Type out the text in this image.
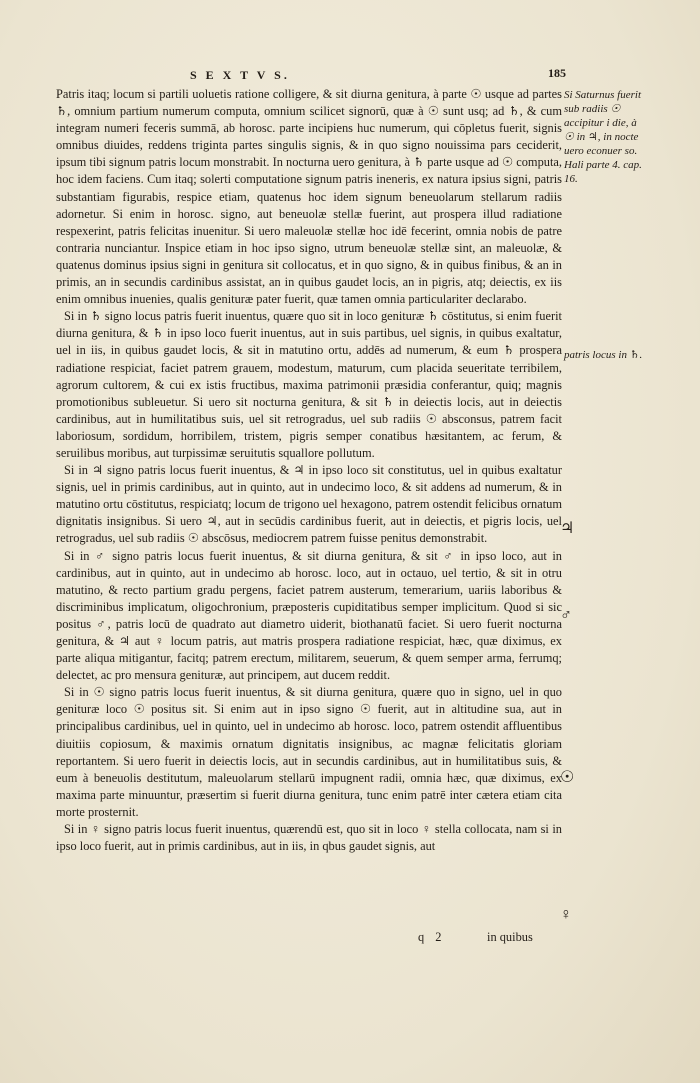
S E X T V S.	185

Patris itaq; locum si partili uoluetis ratione colligere, & sit diurna genitura, à parte ☉ usque ad partes ♄, omnium partium numerum computa, omnium scilicet signorū, quæ à ☉ sunt usq; ad ♄, & cum integram numeri feceris summā, ab horosc. parte incipiens huc numerum, qui cōpletus fuerit, signis omnibus diuides, reddens triginta partes singulis signis, & in quo signo nouissima pars ceciderit, ipsum tibi signum patris locum monstrabit. In nocturna uero genitura, à ♄ parte usque ad ☉ computa, hoc idem faciens. Cum itaq; solerti computatione signum patris ineneris, ex natura ipsius signi, patris substantiam figurabis, respice etiam, quatenus hoc idem signum beneuolarum stellarum radiis adornetur. Si enim in horosc. signo, aut beneuolæ stellæ fuerint, aut prospera illud radiatione respexerint, patris felicitas inuenitur. Si uero maleuolæ stellæ hoc idē fecerint, omnia nobis de patre contraria nunciantur. Inspice etiam in hoc ipso signo, utrum beneuolæ stellæ sint, an maleuolæ, & quatenus dominus ipsius signi in genitura sit collocatus, et in quo signo, & in quibus finibus, & an in primis, an in secundis cardinibus assistat, an in quibus gaudet locis, an in pigris, atq; deiectis, ex iis enim omnibus inuenies, qualis genituræ pater fuerit, quæ tamen omnia particulariter declarabo.

Si in ♄ signo locus patris fuerit inuentus, quære quo sit in loco genituræ ♄ cōstitutus, si enim fuerit diurna genitura, & ♄ in ipso loco fuerit inuentus, aut in suis partibus, uel signis, in quibus exaltatur, uel in iis, in quibus gaudet locis, & sit in matutino ortu, addēs ad numerum, & eum ♄ prospera radiatione respiciat, faciet patrem grauem, modestum, maturum, cum placida seueritate terribilem, agrorum cultorem, & cui ex istis fructibus, maxima patrimonii præsidia conferantur, quiq; magnis promotionibus subleuetur. Si uero sit nocturna genitura, & sit ♄ in deiectis locis, aut in deiectis cardinibus, aut in humilitatibus suis, uel sit retrogradus, uel sub radiis ☉ absconsus, patrem facit laboriosum, sordidum, horribilem, tristem, pigris semper conatibus hæsitantem, ac ferum, & seruilibus moribus, aut turpissimæ seruitutis squallore pollutum.

Si in ♃ signo patris locus fuerit inuentus, & ♃ in ipso loco sit constitutus, uel in quibus exaltatur signis, uel in primis cardinibus, aut in quinto, aut in undecimo loco, & sit addens ad numerum, & in matutino ortu cōstitutus, respiciatq; locum de trigono uel hexagono, patrem ostendit felicibus ornatum dignitatis insignibus. Si uero ♃, aut in secūdis cardinibus fuerit, aut in deiectis, et pigris locis, uel retrogradus, uel sub radiis ☉ abscōsus, mediocrem patrem fuisse penitus demonstrabit.

Si in ♂ signo patris locus fuerit inuentus, & sit diurna genitura, & sit ♂ in ipso loco, aut in cardinibus, aut in quinto, aut in undecimo ab horosc. loco, aut in octauo, uel tertio, & sit in otru matutino, & recto partium gradu pergens, faciet patrem austerum, temerarium, uariis laboribus & discriminibus implicatum, oligochronium, præposteris cupiditatibus semper implicitum. Quod si sic positus ♂, patris locū de quadrato aut diametro uiderit, biothanatū faciet. Si uero fuerit nocturna genitura, & ♃ aut ♀ locum patris, aut matris prospera radiatione respiciat, hæc, quæ diximus, ex parte aliqua mitigantur, facitq; patrem erectum, militarem, seuerum, & quem semper arma, ferrumq; delectet, ac pro mensura genituræ, aut principem, aut ducem reddit.

Si in ☉ signo patris locus fuerit inuentus, & sit diurna genitura, quære quo in signo, uel in quo genituræ loco ☉ positus sit. Si enim aut in ipso signo ☉ fuerit, aut in altitudine sua, aut in principalibus cardinibus, uel in quinto, uel in undecimo ab horosc. loco, patrem ostendit affluentibus diuitiis copiosum, & maximis ornatum dignitatis insignibus, ac magnæ felicitatis gloriam reportantem. Si uero fuerit in deiectis locis, aut in secundis cardinibus, aut in humilitatibus suis, & eum à beneuolis destitutum, maleuolarum stellarū impugnent radii, omnia hæc, quæ diximus, ex maxima parte minuuntur, præsertim si fuerit diurna genitura, tunc enim patrē inter cætera etiam cita morte prosternit.

Si in ♀ signo patris locus fuerit inuentus, quærendū est, quo sit in loco ♀ stella collocata, nam si in ipso loco fuerit, aut in primis cardinibus, aut in iis, in qbus gaudet signis, aut

Si Saturnus fuerit sub radiis ☉ accipitur i die, à ☉ in ♃, in nocte uero econuer so. Hali parte 4. cap. 16.
patris locus in ♄.
♃
♂
☉
♀
q 2	in quibus
